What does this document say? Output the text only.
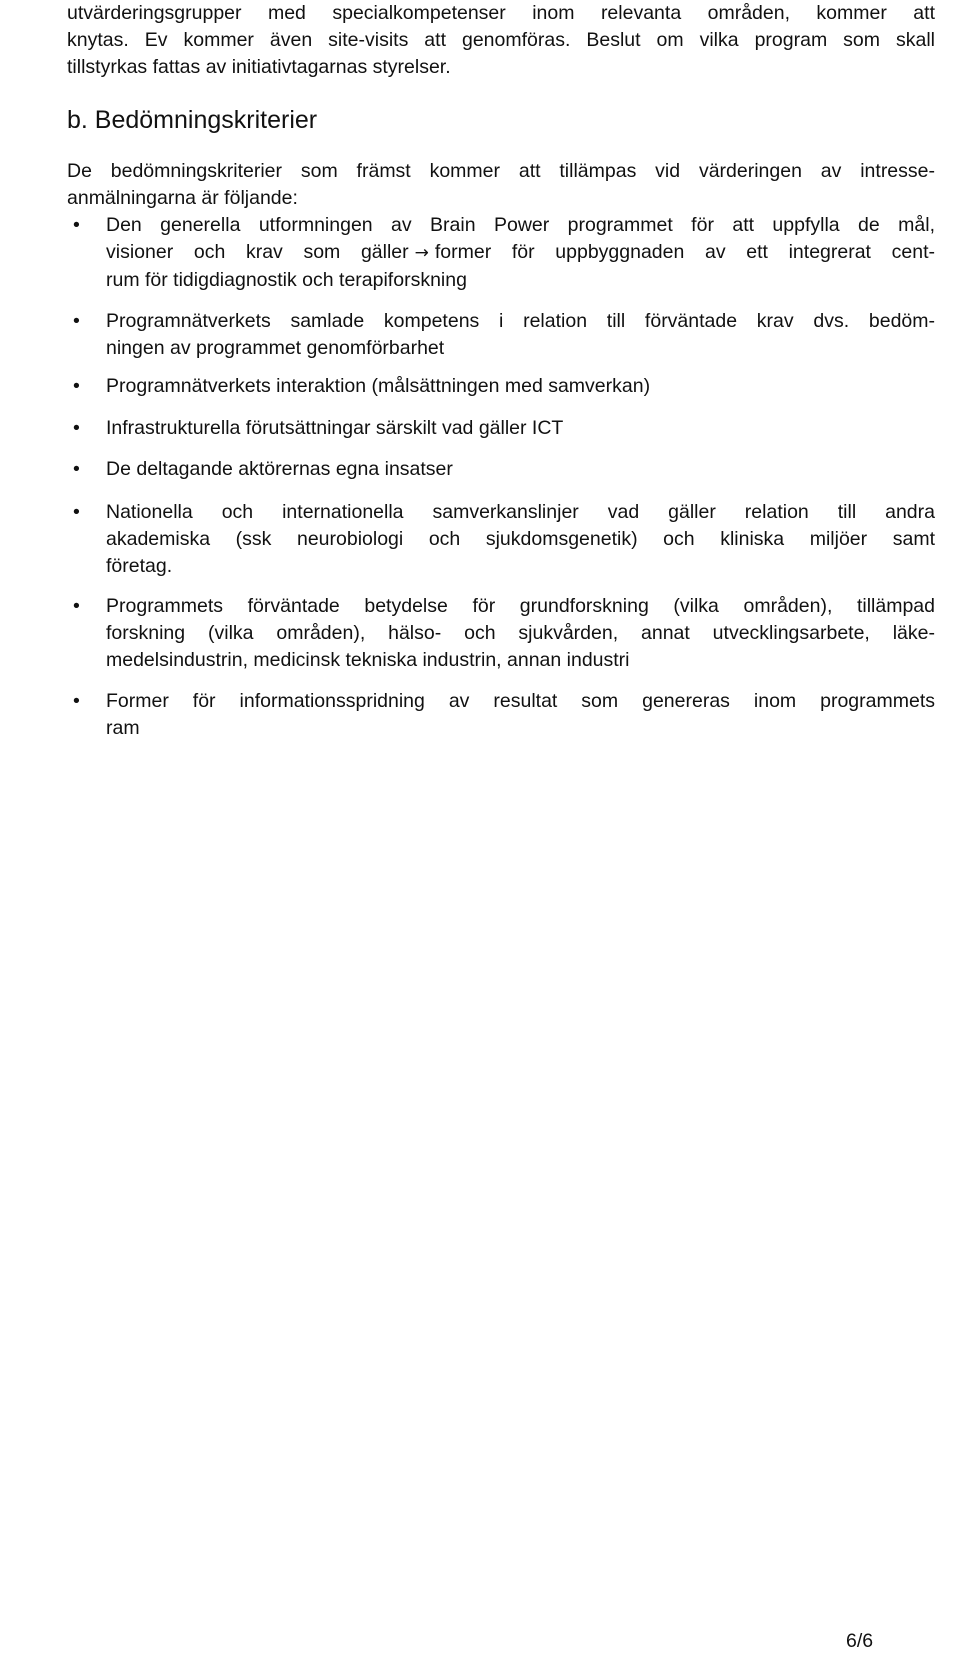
utvärderingsgrupper med specialkompetenser inom relevanta områden, kommer att
knytas. Ev kommer även site-visits att genomföras. Beslut om vilka program som skall
tillstyrkas fattas av initiativtagarnas styrelser.
b. Bedömningskriterier
De bedömningskriterier som främst kommer att tillämpas vid värderingen av intresse-
anmälningarna är följande:
• Den generella utformningen av Brain Power programmet för att uppfylla de mål,
visioner och krav som gäller → former för uppbyggnaden av ett integrerat cent-
rum för tidigdiagnostik och terapiforskning
• Programnätverkets samlade kompetens i relation till förväntade krav dvs. bedöm-
ningen av programmet genomförbarhet
• Programnätverkets interaktion (målsättningen med samverkan)
• Infrastrukturella förutsättningar särskilt vad gäller ICT
• De deltagande aktörernas egna insatser
• Nationella och internationella samverkanslinjer vad gäller relation till andra
akademiska (ssk neurobiologi och sjukdomsgenetik) och kliniska miljöer samt
företag.
• Programmets förväntade betydelse för grundforskning (vilka områden), tillämpad
forskning (vilka områden), hälso- och sjukvården, annat utvecklingsarbete, läke-
medelsindustrin, medicinsk tekniska industrin, annan industri
• Former för informationsspridning av resultat som genereras inom programmets
ram
6/6
